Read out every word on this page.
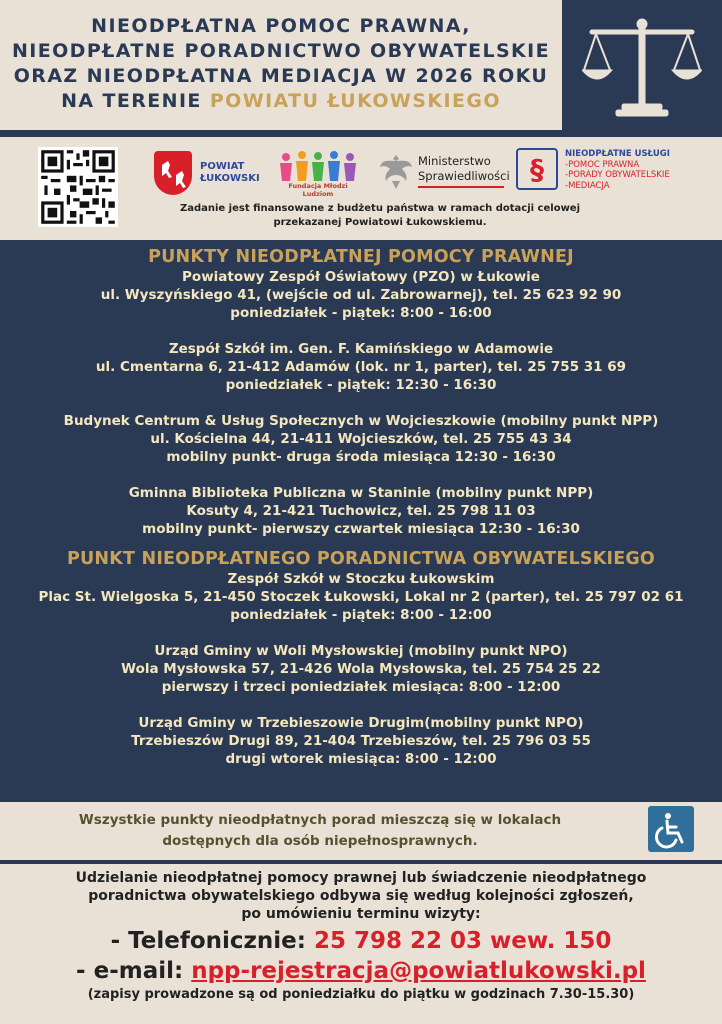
NIEODPŁATNA POMOC PRAWNA,
NIEODPŁATNE PORADNICTWO OBYWATELSKIE
ORAZ NIEODPŁATNA MEDIACJA W 2026 ROKU
NA TERENIE POWIATU ŁUKOWSKIEGO
POWIAT
ŁUKOWSKI
Fundacja Młodzi Ludziom
Ministerstwo
Sprawiedliwości § NIEODPŁATNE USŁUGI
-POMOC PRAWNA
-PORADY OBYWATELSKIE
-MEDIACJA
Zadanie jest finansowane z budżetu państwa w ramach dotacji celowej
przekazanej Powiatowi Łukowskiemu.
PUNKTY NIEODPŁATNEJ POMOCY PRAWNEJ
Powiatowy Zespół Oświatowy (PZO) w Łukowie
ul. Wyszyńskiego 41, (wejście od ul. Zabrowarnej), tel. 25 623 92 90
poniedziałek - piątek: 8:00 - 16:00
Zespół Szkół im. Gen. F. Kamińskiego w Adamowie
ul. Cmentarna 6, 21-412 Adamów (lok. nr 1, parter), tel. 25 755 31 69
poniedziałek - piątek: 12:30 - 16:30
Budynek Centrum & Usług Społecznych w Wojcieszkowie (mobilny punkt NPP)
ul. Kościelna 44, 21-411 Wojcieszków, tel. 25 755 43 34
mobilny punkt- druga środa miesiąca 12:30 - 16:30
Gminna Biblioteka Publiczna w Staninie (mobilny punkt NPP)
Kosuty 4, 21-421 Tuchowicz, tel. 25 798 11 03
mobilny punkt- pierwszy czwartek miesiąca 12:30 - 16:30
PUNKT NIEODPŁATNEGO PORADNICTWA OBYWATELSKIEGO
Zespół Szkół w Stoczku Łukowskim
Plac St. Wielgoska 5, 21-450 Stoczek Łukowski, Lokal nr 2 (parter), tel. 25 797 02 61
poniedziałek - piątek: 8:00 - 12:00
Urząd Gminy w Woli Mysłowskiej (mobilny punkt NPO)
Wola Mysłowska 57, 21-426 Wola Mysłowska, tel. 25 754 25 22
pierwszy i trzeci poniedziałek miesiąca: 8:00 - 12:00
Urząd Gminy w Trzebieszowie Drugim(mobilny punkt NPO)
Trzebieszów Drugi 89, 21-404 Trzebieszów, tel. 25 796 03 55
drugi wtorek miesiąca: 8:00 - 12:00
Wszystkie punkty nieodpłatnych porad mieszczą się w lokalach
dostępnych dla osób niepełnosprawnych.
Udzielanie nieodpłatnej pomocy prawnej lub świadczenie nieodpłatnego
poradnictwa obywatelskiego odbywa się według kolejności zgłoszeń,
po umówieniu terminu wizyty:
- Telefonicznie: 25 798 22 03 wew. 150
- e-mail: npp-rejestracja@powiatlukowski.pl
(zapisy prowadzone są od poniedziałku do piątku w godzinach 7.30-15.30)
